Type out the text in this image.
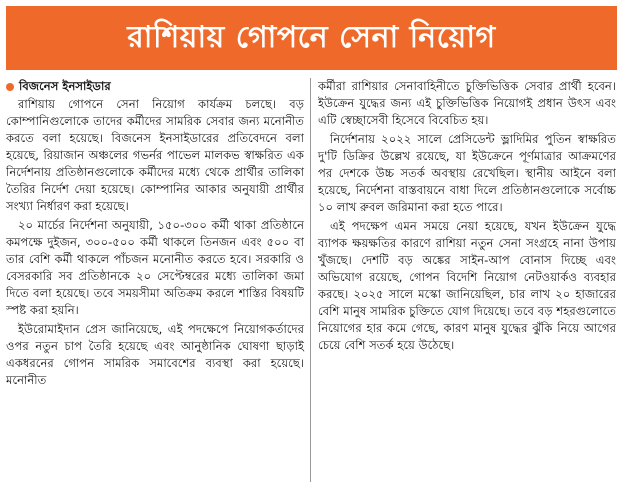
রাশিয়ায় গোপনে সেনা নিয়োগ
বিজনেস ইনসাইডার

রাশিয়ায় গোপনে সেনা নিয়োগ কার্যক্রম চলছে। বড় কোম্পানিগুলোকে তাদের কর্মীদের সামরিক সেবার জন্য মনোনীত করতে বলা হয়েছে। বিজনেস ইনসাইডারের প্রতিবেদনে বলা হয়েছে, রিয়াজান অঞ্চলের গভর্নর পাভেল মালকভ স্বাক্ষরিত এক নির্দেশনায় প্রতিষ্ঠানগুলোকে কর্মীদের মধ্যে থেকে প্রার্থীর তালিকা তৈরির নির্দেশ দেয়া হয়েছে। কোম্পানির আকার অনুযায়ী প্রার্থীর সংখ্যা নির্ধারণ করা হয়েছে।

২০ মার্চের নির্দেশনা অনুযায়ী, ১৫০-৩০০ কর্মী থাকা প্রতিষ্ঠানে কমপক্ষে দুইজন, ৩০০-৫০০ কর্মী থাকলে তিনজন এবং ৫০০ বা তার বেশি কর্মী থাকলে পাঁচজন মনোনীত করতে হবে। সরকারি ও বেসরকারি সব প্রতিষ্ঠানকে ২০ সেপ্টেম্বরের মধ্যে তালিকা জমা দিতে বলা হয়েছে। তবে সময়সীমা অতিক্রম করলে শাস্তির বিষয়টি স্পষ্ট করা হয়নি।

ইউরোমাইদান প্রেস জানিয়েছে, এই পদক্ষেপে নিয়োগকর্তাদের ওপর নতুন চাপ তৈরি হয়েছে এবং আনুষ্ঠানিক ঘোষণা ছাড়াই একধরনের গোপন সামরিক সমাবেশের ব্যবস্থা করা হয়েছে। মনোনীত

কর্মীরা রাশিয়ার সেনাবাহিনীতে চুক্তিভিত্তিক সেবার প্রার্থী হবেন। ইউক্রেন যুদ্ধের জন্য এই চুক্তিভিত্তিক নিয়োগই প্রধান উৎস এবং এটি স্বেচ্ছাসেবী হিসেবে বিবেচিত হয়।

নির্দেশনায় ২০২২ সালে প্রেসিডেন্ট ভ্লাদিমির পুতিন স্বাক্ষরিত দু'টি ডিক্রির উল্লেখ রয়েছে, যা ইউক্রেনে পূর্ণমাত্রার আক্রমণের পর দেশকে উচ্চ সতর্ক অবস্থায় রেখেছিল। স্থানীয় আইনে বলা হয়েছে, নির্দেশনা বাস্তবায়নে বাধা দিলে প্রতিষ্ঠানগুলোকে সর্বোচ্চ ১০ লাখ রুবল জরিমানা করা হতে পারে।

এই পদক্ষেপ এমন সময়ে নেয়া হয়েছে, যখন ইউক্রেন যুদ্ধে ব্যাপক ক্ষয়ক্ষতির কারণে রাশিয়া নতুন সেনা সংগ্রহে নানা উপায় খুঁজছে। দেশটি বড় অঙ্কের সাইন-আপ বোনাস দিচ্ছে এবং অভিযোগ রয়েছে, গোপন বিদেশি নিয়োগ নেটওয়ার্কও ব্যবহার করছে। ২০২৫ সালে মস্কো জানিয়েছিল, চার লাখ ২০ হাজারের বেশি মানুষ সামরিক চুক্তিতে যোগ দিয়েছে। তবে বড় শহরগুলোতে নিয়োগের হার কমে গেছে, কারণ মানুষ যুদ্ধের ঝুঁকি নিয়ে আগের চেয়ে বেশি সতর্ক হয়ে উঠেছে।
